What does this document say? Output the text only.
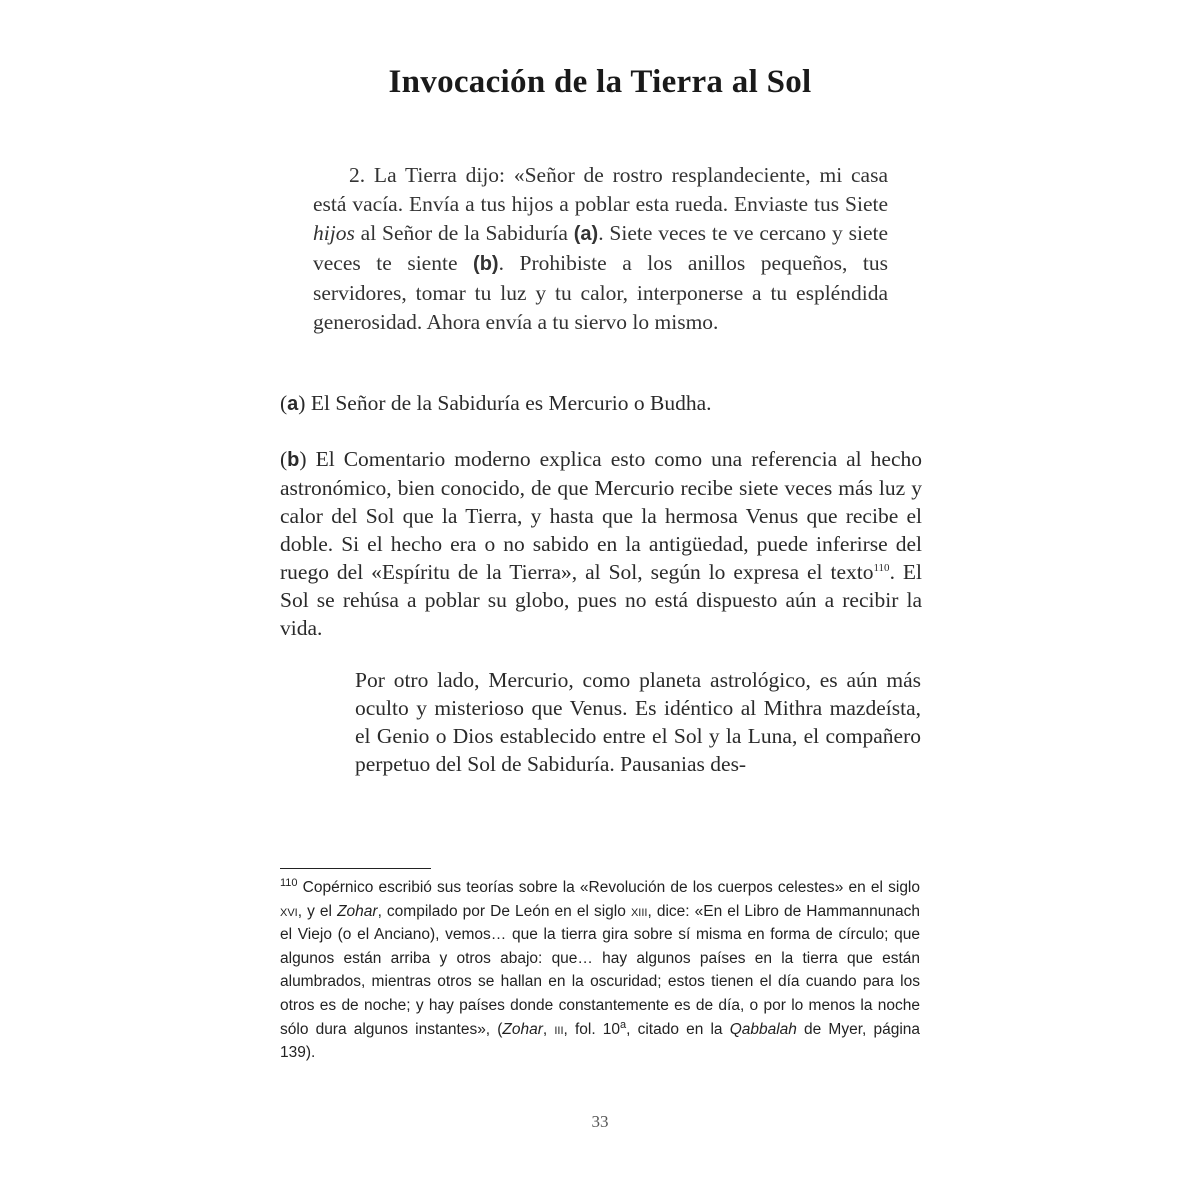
Invocación de la Tierra al Sol
2. La Tierra dijo: «Señor de rostro resplandeciente, mi casa está vacía. Envía a tus hijos a poblar esta rueda. Enviaste tus Siete hijos al Señor de la Sabiduría (a). Siete veces te ve cercano y siete veces te siente (b). Prohibiste a los anillos pequeños, tus servidores, tomar tu luz y tu calor, interponerse a tu espléndida generosidad. Ahora envía a tu siervo lo mismo.
(a) El Señor de la Sabiduría es Mercurio o Budha.
(b) El Comentario moderno explica esto como una referencia al hecho astronómico, bien conocido, de que Mercurio recibe siete veces más luz y calor del Sol que la Tierra, y hasta que la hermosa Venus que recibe el doble. Si el hecho era o no sabido en la antigüedad, puede inferirse del ruego del «Espíritu de la Tierra», al Sol, según lo expresa el texto$^{110}$. El Sol se rehúsa a poblar su globo, pues no está dispuesto aún a recibir la vida.
Por otro lado, Mercurio, como planeta astrológico, es aún más oculto y misterioso que Venus. Es idéntico al Mithra mazdeísta, el Genio o Dios establecido entre el Sol y la Luna, el compañero perpetuo del Sol de Sabiduría. Pausanias des-
$^{110}$ Copérnico escribió sus teorías sobre la «Revolución de los cuerpos celestes» en el siglo xvi, y el Zohar, compilado por De León en el siglo xiii, dice: «En el Libro de Hammannunach el Viejo (o el Anciano), vemos… que la tierra gira sobre sí misma en forma de círculo; que algunos están arriba y otros abajo: que… hay algunos países en la tierra que están alumbrados, mientras otros se hallan en la oscuridad; estos tienen el día cuando para los otros es de noche; y hay países donde constantemente es de día, o por lo menos la noche sólo dura algunos instantes», (Zohar, iii, fol. 10$^a$, citado en la Qabbalah de Myer, página 139).
33
